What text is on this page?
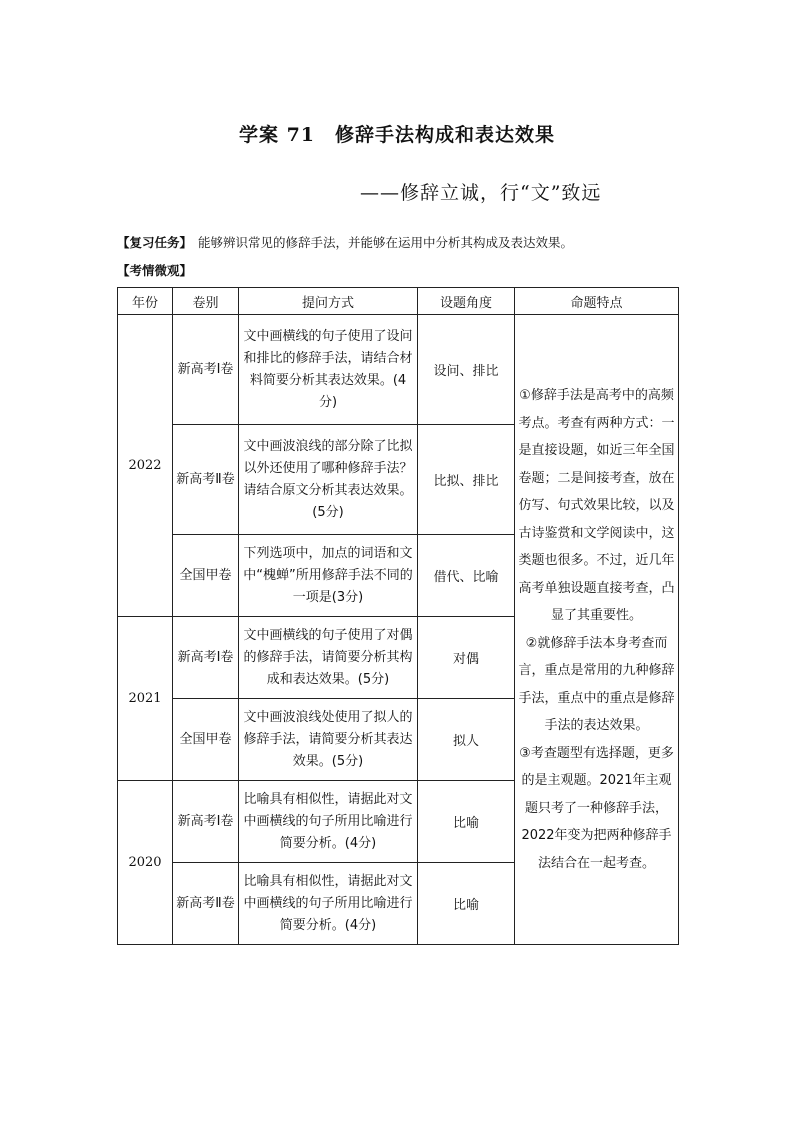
学案 71　修辞手法构成和表达效果
——修辞立诚，行“文”致远
【复习任务】 能够辨识常见的修辞手法，并能够在运用中分析其构成及表达效果。
【考情微观】
年份	卷别	提问方式	设题角度	命题特点
2022	新高考Ⅰ卷	文中画横线的句子使用了设问和排比的修辞手法，请结合材料简要分析其表达效果。(4分)	设问、排比	①修辞手法是高考中的高频考点。考查有两种方式：一是直接设题，如近三年全国卷题；二是间接考查，放在仿写、句式效果比较，以及古诗鉴赏和文学阅读中，这类题也很多。不过，近几年高考单独设题直接考查，凸显了其重要性。

②就修辞手法本身考查而言，重点是常用的九种修辞手法，重点中的重点是修辞手法的表达效果。

③考查题型有选择题，更多的是主观题。2021年主观题只考了一种修辞手法，2022年变为把两种修辞手法结合在一起考查。

	新高考Ⅱ卷	文中画波浪线的部分除了比拟以外还使用了哪种修辞手法？请结合原文分析其表达效果。(5分)	比拟、排比	
	全国甲卷	下列选项中，加点的词语和文中“槐蝉”所用修辞手法不同的一项是(3分)	借代、比喻	
2021	新高考Ⅰ卷	文中画横线的句子使用了对偶的修辞手法，请简要分析其构成和表达效果。(5分)	对偶	
	全国甲卷	文中画波浪线处使用了拟人的修辞手法，请简要分析其表达效果。(5分)	拟人	
2020	新高考Ⅰ卷	比喻具有相似性，请据此对文中画横线的句子所用比喻进行简要分析。(4分)	比喻	
	新高考Ⅱ卷	比喻具有相似性，请据此对文中画横线的句子所用比喻进行简要分析。(4分)	比喻	
